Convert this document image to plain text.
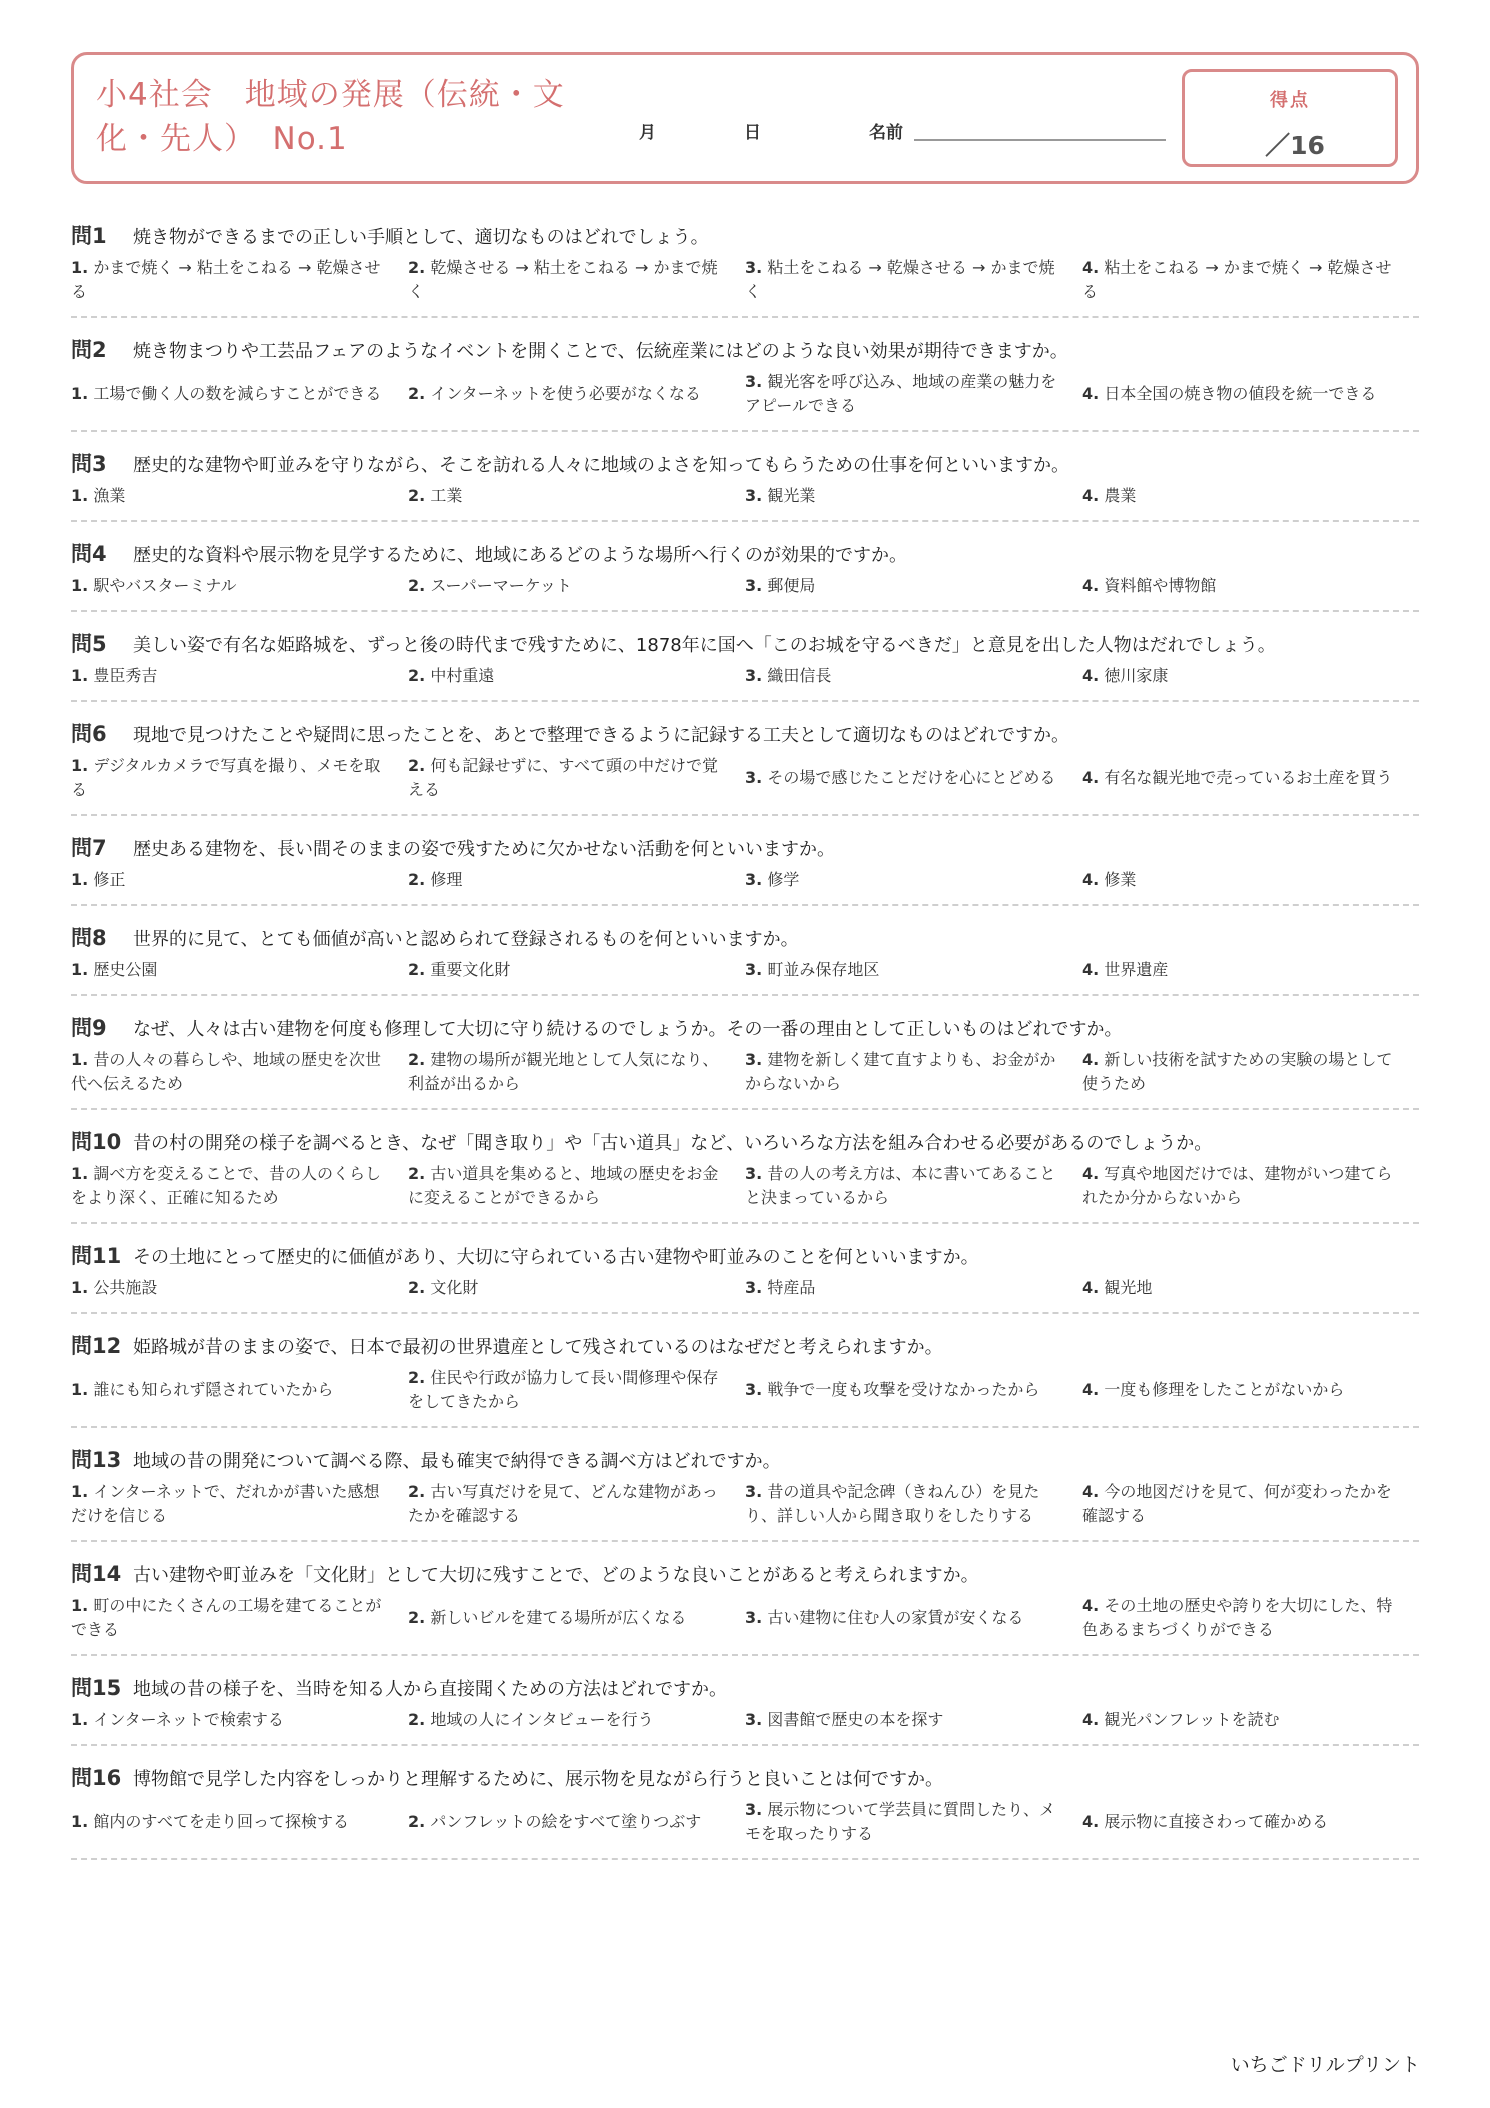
小4社会　地域の発展（伝統・文
化・先人）　No.1	月	日	名前
得点
／16
問1	焼き物ができるまでの正しい手順として、適切なものはどれでしょう。
1. かまで焼く → 粘土をこねる → 乾燥させる
2. 乾燥させる → 粘土をこねる → かまで焼く
3. 粘土をこねる → 乾燥させる → かまで焼く
4. 粘土をこねる → かまで焼く → 乾燥させる
問2	焼き物まつりや工芸品フェアのようなイベントを開くことで、伝統産業にはどのような良い効果が期待できますか。
1. 工場で働く人の数を減らすことができる	2. インターネットを使う必要がなくなる
3. 観光客を呼び込み、地域の産業の魅力をアピールできる
4. 日本全国の焼き物の値段を統一できる
問3	歴史的な建物や町並みを守りながら、そこを訪れる人々に地域のよさを知ってもらうための仕事を何といいますか。
1. 漁業	2. 工業	3. 観光業	4. 農業
問4	歴史的な資料や展示物を見学するために、地域にあるどのような場所へ行くのが効果的ですか。
1. 駅やバスターミナル	2. スーパーマーケット	3. 郵便局	4. 資料館や博物館
問5	美しい姿で有名な姫路城を、ずっと後の時代まで残すために、1878年に国へ「このお城を守るべきだ」と意見を出した人物はだれでしょう。
1. 豊臣秀吉	2. 中村重遠	3. 織田信長	4. 徳川家康
問6	現地で見つけたことや疑問に思ったことを、あとで整理できるように記録する工夫として適切なものはどれですか。
1. デジタルカメラで写真を撮り、メモを取る
2. 何も記録せずに、すべて頭の中だけで覚える
3. その場で感じたことだけを心にとどめる	4. 有名な観光地で売っているお土産を買う
問7	歴史ある建物を、長い間そのままの姿で残すために欠かせない活動を何といいますか。
1. 修正	2. 修理	3. 修学	4. 修業
問8	世界的に見て、とても価値が高いと認められて登録されるものを何といいますか。
1. 歴史公園	2. 重要文化財	3. 町並み保存地区	4. 世界遺産
問9	なぜ、人々は古い建物を何度も修理して大切に守り続けるのでしょうか。その一番の理由として正しいものはどれですか。
1. 昔の人々の暮らしや、地域の歴史を次世代へ伝えるため
2. 建物の場所が観光地として人気になり、利益が出るから
3. 建物を新しく建て直すよりも、お金がかからないから
4. 新しい技術を試すための実験の場として使うため
問10 昔の村の開発の様子を調べるとき、なぜ「聞き取り」や「古い道具」など、いろいろな方法を組み合わせる必要があるのでしょうか。
1. 調べ方を変えることで、昔の人のくらしをより深く、正確に知るため
2. 古い道具を集めると、地域の歴史をお金に変えることができるから
3. 昔の人の考え方は、本に書いてあることと決まっているから
4. 写真や地図だけでは、建物がいつ建てられたか分からないから
問11 その土地にとって歴史的に価値があり、大切に守られている古い建物や町並みのことを何といいますか。
1. 公共施設	2. 文化財	3. 特産品	4. 観光地
問12 姫路城が昔のままの姿で、日本で最初の世界遺産として残されているのはなぜだと考えられますか。
1. 誰にも知られず隠されていたから
2. 住民や行政が協力して長い間修理や保存をしてきたから
3. 戦争で一度も攻撃を受けなかったから	4. 一度も修理をしたことがないから
問13 地域の昔の開発について調べる際、最も確実で納得できる調べ方はどれですか。
1. インターネットで、だれかが書いた感想だけを信じる
2. 古い写真だけを見て、どんな建物があったかを確認する
3. 昔の道具や記念碑（きねんひ）を見たり、詳しい人から聞き取りをしたりする
4. 今の地図だけを見て、何が変わったかを確認する
問14 古い建物や町並みを「文化財」として大切に残すことで、どのような良いことがあると考えられますか。
1. 町の中にたくさんの工場を建てることができる
2. 新しいビルを建てる場所が広くなる	3. 古い建物に住む人の家賃が安くなる
4. その土地の歴史や誇りを大切にした、特色あるまちづくりができる
問15 地域の昔の様子を、当時を知る人から直接聞くための方法はどれですか。
1. インターネットで検索する	2. 地域の人にインタビューを行う	3. 図書館で歴史の本を探す	4. 観光パンフレットを読む
問16 博物館で見学した内容をしっかりと理解するために、展示物を見ながら行うと良いことは何ですか。
1. 館内のすべてを走り回って探検する	2. パンフレットの絵をすべて塗りつぶす
3. 展示物について学芸員に質問したり、メモを取ったりする
4. 展示物に直接さわって確かめる
いちごドリルプリント
